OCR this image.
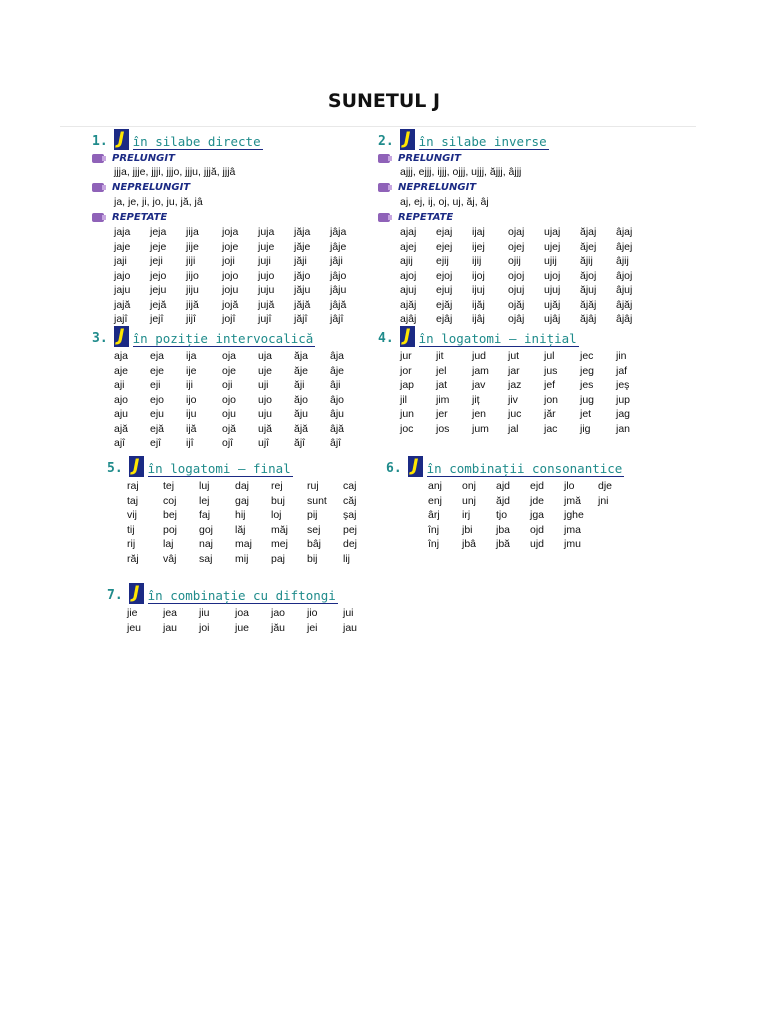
SUNETUL J
1. J în silabe directe
PRELUNGIT
jjja, jjje, jjji, jjjo, jjju, jjjă, jjjâ
NEPRELUNGIT
ja, je, ji, jo, ju, jă, jâ
REPETATE
jaja	jeja	jija	joja	juja	jăja	jâja
jaje	jeje	jije	joje	juje	jăje	jâje
jaji	jeji	jiji	joji	juji	jăji	jâji
jajo	jejo	jijo	jojo	jujo	jăjo	jâjo
jaju	jeju	jiju	joju	juju	jăju	jâju
jajă	jejă	jijă	jojă	jujă	jăjă	jâjă
jajî	jejî	jijî	jojî	jujî	jăjî	jâjî
2. J în silabe inverse
PRELUNGIT
ajjj, ejjj, ijjj, ojjj, ujjj, ăjjj, âjjj
NEPRELUNGIT
aj, ej, ij, oj, uj, ăj, âj
REPETATE
ajaj	ejaj	ijaj	ojaj	ujaj	ăjaj	âjaj
ajej	ejej	ijej	ojej	ujej	ăjej	âjej
ajij	ejij	ijij	ojij	ujij	ăjij	âjij
ajoj	ejoj	ijoj	ojoj	ujoj	ăjoj	âjoj
ajuj	ejuj	ijuj	ojuj	ujuj	ăjuj	âjuj
ajăj	ejăj	ijăj	ojăj	ujăj	ăjăj	âjăj
ajâj	ejâj	ijâj	ojâj	ujâj	ăjâj	âjâj
3. J în poziție intervocalică
aja	eja	ija	oja	uja	ăja	âja
aje	eje	ije	oje	uje	ăje	âje
aji	eji	iji	oji	uji	ăji	âji
ajo	ejo	ijo	ojo	ujo	ăjo	âjo
aju	eju	iju	oju	uju	ăju	âju
ajă	ejă	ijă	ojă	ujă	ăjă	âjă
ajî	ejî	ijî	ojî	ujî	ăjî	âjî
4. J în logatomi – inițial
jur	jit	jud	jut	jul	jec	jin
jor	jel	jam	jar	jus	jeg	jaf
jap	jat	jav	jaz	jef	jes	jeş
jil	jim	jiț	jiv	jon	jug	jup
jun	jer	jen	juc	jăr	jet	jag
joc	jos	jum	jal	jac	jig	jan
5. J în logatomi – final
raj	tej	luj	daj	rej	ruj	caj
taj	coj	lej	gaj	buj	sunt	căj
vij	bej	faj	hij	loj	pij	şaj
tij	poj	goj	lăj	măj	sej	pej
rij	laj	naj	maj	mej	bâj	dej
răj	vâj	saj	mij	paj	bij	lij
6. J în combinații consonantice
anj	onj	ajd	ejd	jlo	dje
enj	unj	ăjd	jde	jmă	jni
ârj	irj	tjo	jga	jghe
înj	jbi	jba	ojd	jma
înj	jbâ	jbă	ujd	jmu
7. J în combinație cu diftongi
jie	jea	jiu	joa	jao	jio	jui
jeu	jau	joi	jue	jău	jei	jau
